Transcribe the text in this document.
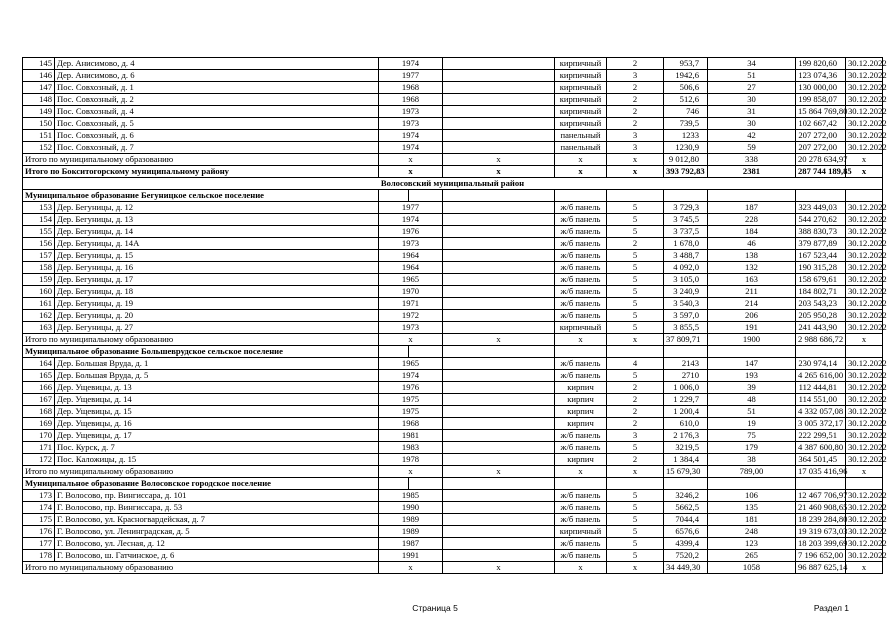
145	Дер. Анисимово, д. 4	1974			кирпичный	2	953,7	34	199 820,60	30.12.2022	
146	Дер. Анисимово, д. 6	1977			кирпичный	3	1942,6	51	123 074,36	30.12.2022	
147	Пос. Совхозный, д. 1	1968			кирпичный	2	506,6	27	130 000,00	30.12.2022	
148	Пос. Совхозный, д. 2	1968			кирпичный	2	512,6	30	199 858,07	30.12.2022	
149	Пос. Совхозный, д. 4	1973			кирпичный	2	746	31	15 864 769,80	30.12.2022	
150	Пос. Совхозный, д. 5	1973			кирпичный	2	739,5	30	102 667,42	30.12.2022	
151	Пос. Совхозный, д. 6	1974			панельный	3	1233	42	207 272,00	30.12.2022	
152	Пос. Совхозный, д. 7	1974			панельный	3	1230,9	59	207 272,00	30.12.2022	
Итого по муниципальному образованию		х		х	х	х	9 012,80	338	20 278 634,97	х	
Итого по Бокситогорскому муниципальному району		х		х	х	х	393 792,83	2381	287 744 189,85	х	
Волосовский муниципальный район											
Муниципальное образование Бегуницкое сельское поселение											
153	Дер. Бегуницы, д. 12	1977			ж/б панель	5	3 729,3	187	323 449,03	30.12.2022	
154	Дер. Бегуницы, д. 13	1974			ж/б панель	5	3 745,5	228	544 270,62	30.12.2022	
155	Дер. Бегуницы, д. 14	1976			ж/б панель	5	3 737,5	184	388 830,73	30.12.2022	
156	Дер. Бегуницы, д. 14А	1973			ж/б панель	2	1 678,0	46	379 877,89	30.12.2022	
157	Дер. Бегуницы, д. 15	1964			ж/б панель	5	3 488,7	138	167 523,44	30.12.2022	
158	Дер. Бегуницы, д. 16	1964			ж/б панель	5	4 092,0	132	190 315,28	30.12.2022	
159	Дер. Бегуницы, д. 17	1965			ж/б панель	5	3 105,0	163	158 679,61	30.12.2022	
160	Дер. Бегуницы, д. 18	1970			ж/б панель	5	3 240,9	211	184 802,71	30.12.2022	
161	Дер. Бегуницы, д. 19	1971			ж/б панель	5	3 540,3	214	203 543,23	30.12.2022	
162	Дер. Бегуницы, д. 20	1972			ж/б панель	5	3 597,0	206	205 950,28	30.12.2022	
163	Дер. Бегуницы, д. 27	1973			кирпичный	5	3 855,5	191	241 443,90	30.12.2022	
Итого по муниципальному образованию		х		х	х	х	37 809,71	1900	2 988 686,72	х	
Муниципальное образование Большеврудское сельское поселение											
164	Дер. Большая Вруда, д. 1	1965			ж/б панель	4	2143	147	230 974,14	30.12.2022	
165	Дер. Большая Вруда, д. 5	1974			ж/б панель	5	2710	193	4 265 616,00	30.12.2022	
166	Дер. Ущевицы, д. 13	1976			кирпич	2	1 006,0	39	112 444,81	30.12.2022	
167	Дер. Ущевицы, д. 14	1975			кирпич	2	1 229,7	48	114 551,00	30.12.2022	
168	Дер. Ущевицы, д. 15	1975			кирпич	2	1 200,4	51	4 332 057,08	30.12.2022	
169	Дер. Ущевицы, д. 16	1968			кирпич	2	610,0	19	3 005 372,17	30.12.2022	
170	Дер. Ущевицы, д. 17	1981			ж/б панель	3	2 176,3	75	222 299,51	30.12.2022	
171	Пос. Курск, д. 7	1983			ж/б панель	5	3219,5	179	4 387 600,80	30.12.2022	
172	Пос. Каложицы, д. 15	1978			кирпич	2	1 384,4	38	364 501,45	30.12.2022	
Итого по муниципальному образованию		х		х	х	х	15 679,30	789,00	17 035 416,96	х	
Муниципальное образование Волосовское городское поселение											
173	Г. Волосово, пр. Вингиссара, д. 101	1985			ж/б панель	5	3246,2	106	12 467 706,97	30.12.2022	
174	Г. Волосово, пр. Вингиссара, д. 53	1990			ж/б панель	5	5662,5	135	21 460 908,65	30.12.2022	
175	Г. Волосово, ул. Красногвардейская, д. 7	1989			ж/б панель	5	7044,4	181	18 239 284,80	30.12.2022	
176	Г. Волосово, ул. Ленинградская, д. 5	1989			кирпичный	5	6576,6	248	19 319 673,03	30.12.2022	
177	Г. Волосово, ул. Лесная, д. 12	1987			ж/б панель	5	4399,4	123	18 203 399,69	30.12.2022	
178	Г. Волосово, ш. Гатчинское, д. 6	1991			ж/б панель	5	7520,2	265	7 196 652,00	30.12.2022	
Итого по муниципальному образованию		х		х	х	х	34 449,30	1058	96 887 625,14	х	
Страница 5	Раздел 1
